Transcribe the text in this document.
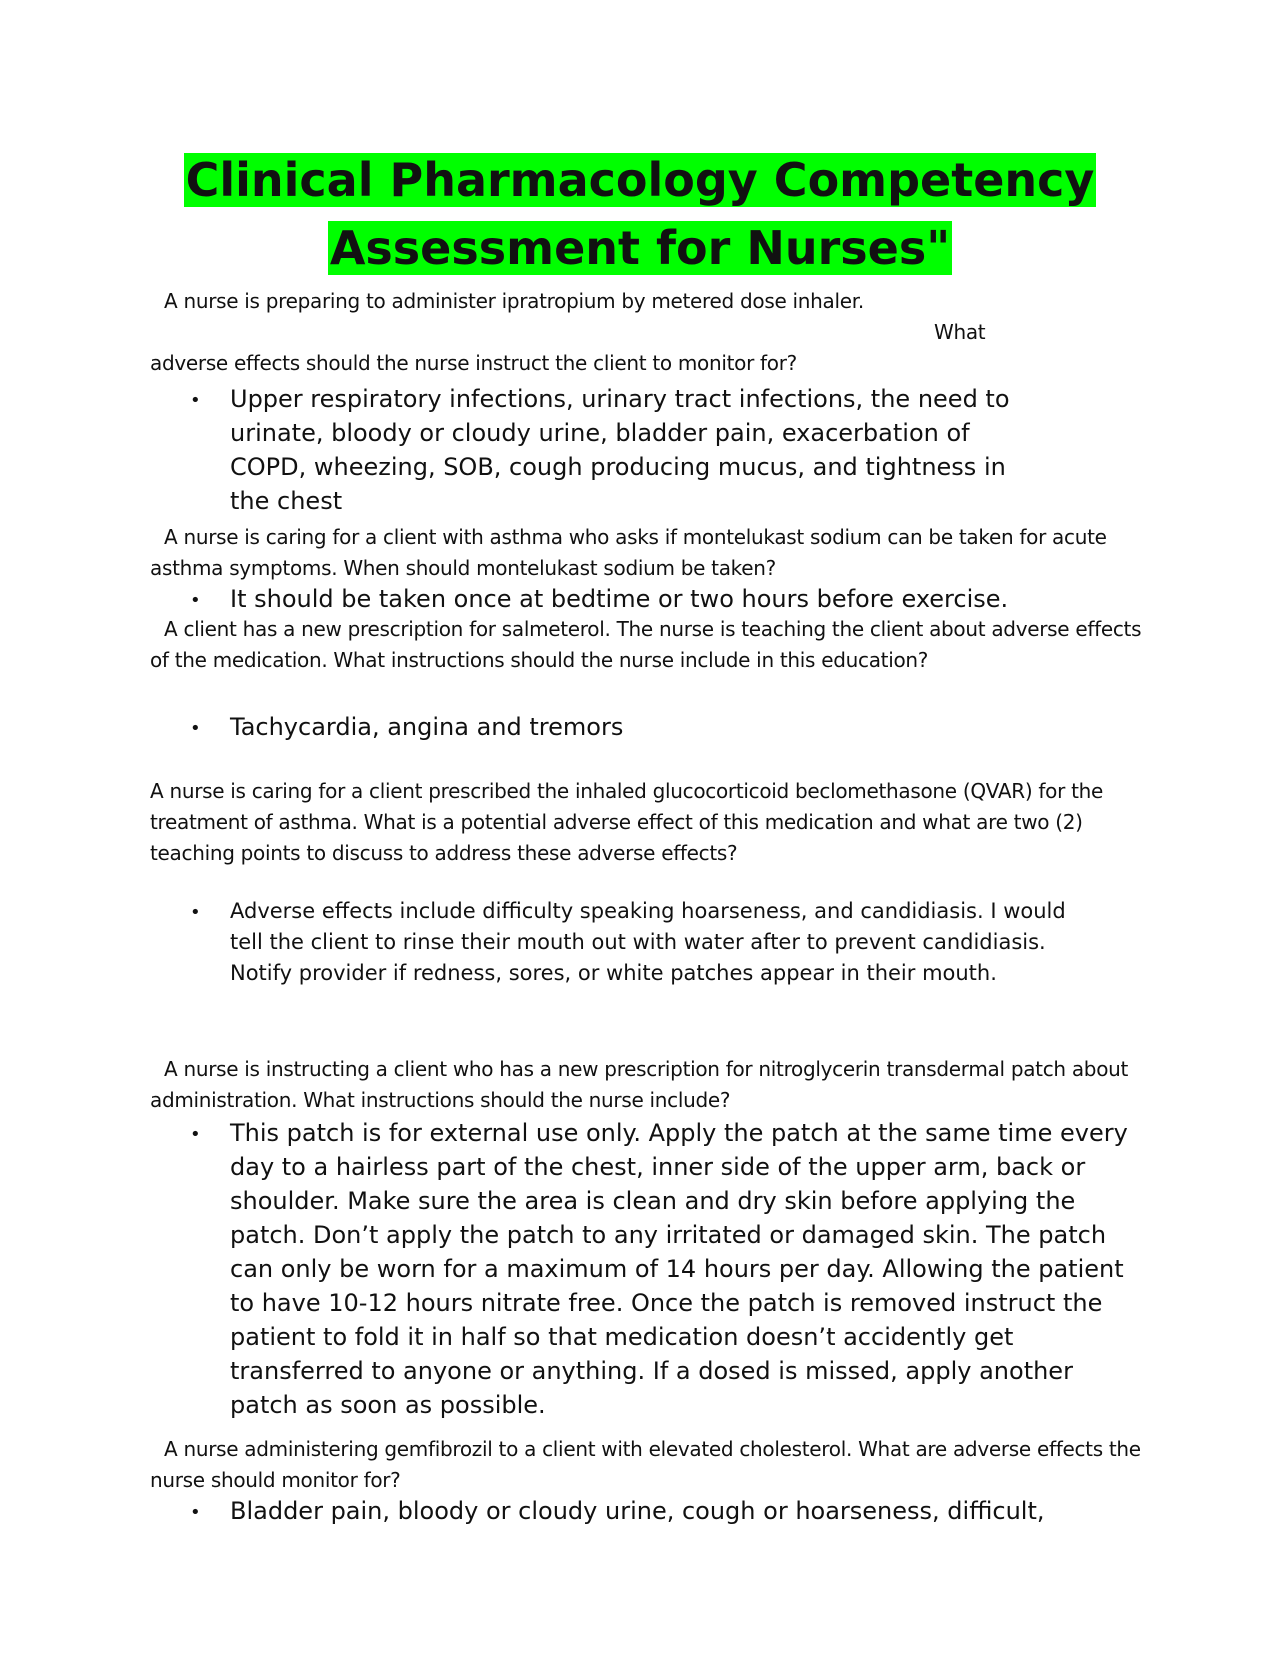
Clinical Pharmacology Competency
Assessment for Nurses"
A nurse is preparing to administer ipratropium by metered dose inhaler.
What
adverse effects should the nurse instruct the client to monitor for?
• Upper respiratory infections, urinary tract infections, the need to urinate, bloody or cloudy urine, bladder pain, exacerbation of COPD, wheezing, SOB, cough producing mucus, and tightness in the chest
A nurse is caring for a client with asthma who asks if montelukast sodium can be taken for acute asthma symptoms. When should montelukast sodium be taken?
• It should be taken once at bedtime or two hours before exercise.
A client has a new prescription for salmeterol. The nurse is teaching the client about adverse effects of the medication. What instructions should the nurse include in this education?
• Tachycardia, angina and tremors
A nurse is caring for a client prescribed the inhaled glucocorticoid beclomethasone (QVAR) for the treatment of asthma. What is a potential adverse effect of this medication and what are two (2) teaching points to discuss to address these adverse effects?
• Adverse effects include difficulty speaking hoarseness, and candidiasis. I would tell the client to rinse their mouth out with water after to prevent candidiasis. Notify provider if redness, sores, or white patches appear in their mouth.
A nurse is instructing a client who has a new prescription for nitroglycerin transdermal patch about administration. What instructions should the nurse include?
• This patch is for external use only. Apply the patch at the same time every day to a hairless part of the chest, inner side of the upper arm, back or shoulder. Make sure the area is clean and dry skin before applying the patch. Don’t apply the patch to any irritated or damaged skin. The patch can only be worn for a maximum of 14 hours per day. Allowing the patient to have 10-12 hours nitrate free. Once the patch is removed instruct the patient to fold it in half so that medication doesn’t accidently get transferred to anyone or anything. If a dosed is missed, apply another patch as soon as possible.
A nurse administering gemfibrozil to a client with elevated cholesterol. What are adverse effects the nurse should monitor for?
• Bladder pain, bloody or cloudy urine, cough or hoarseness, difficult,
